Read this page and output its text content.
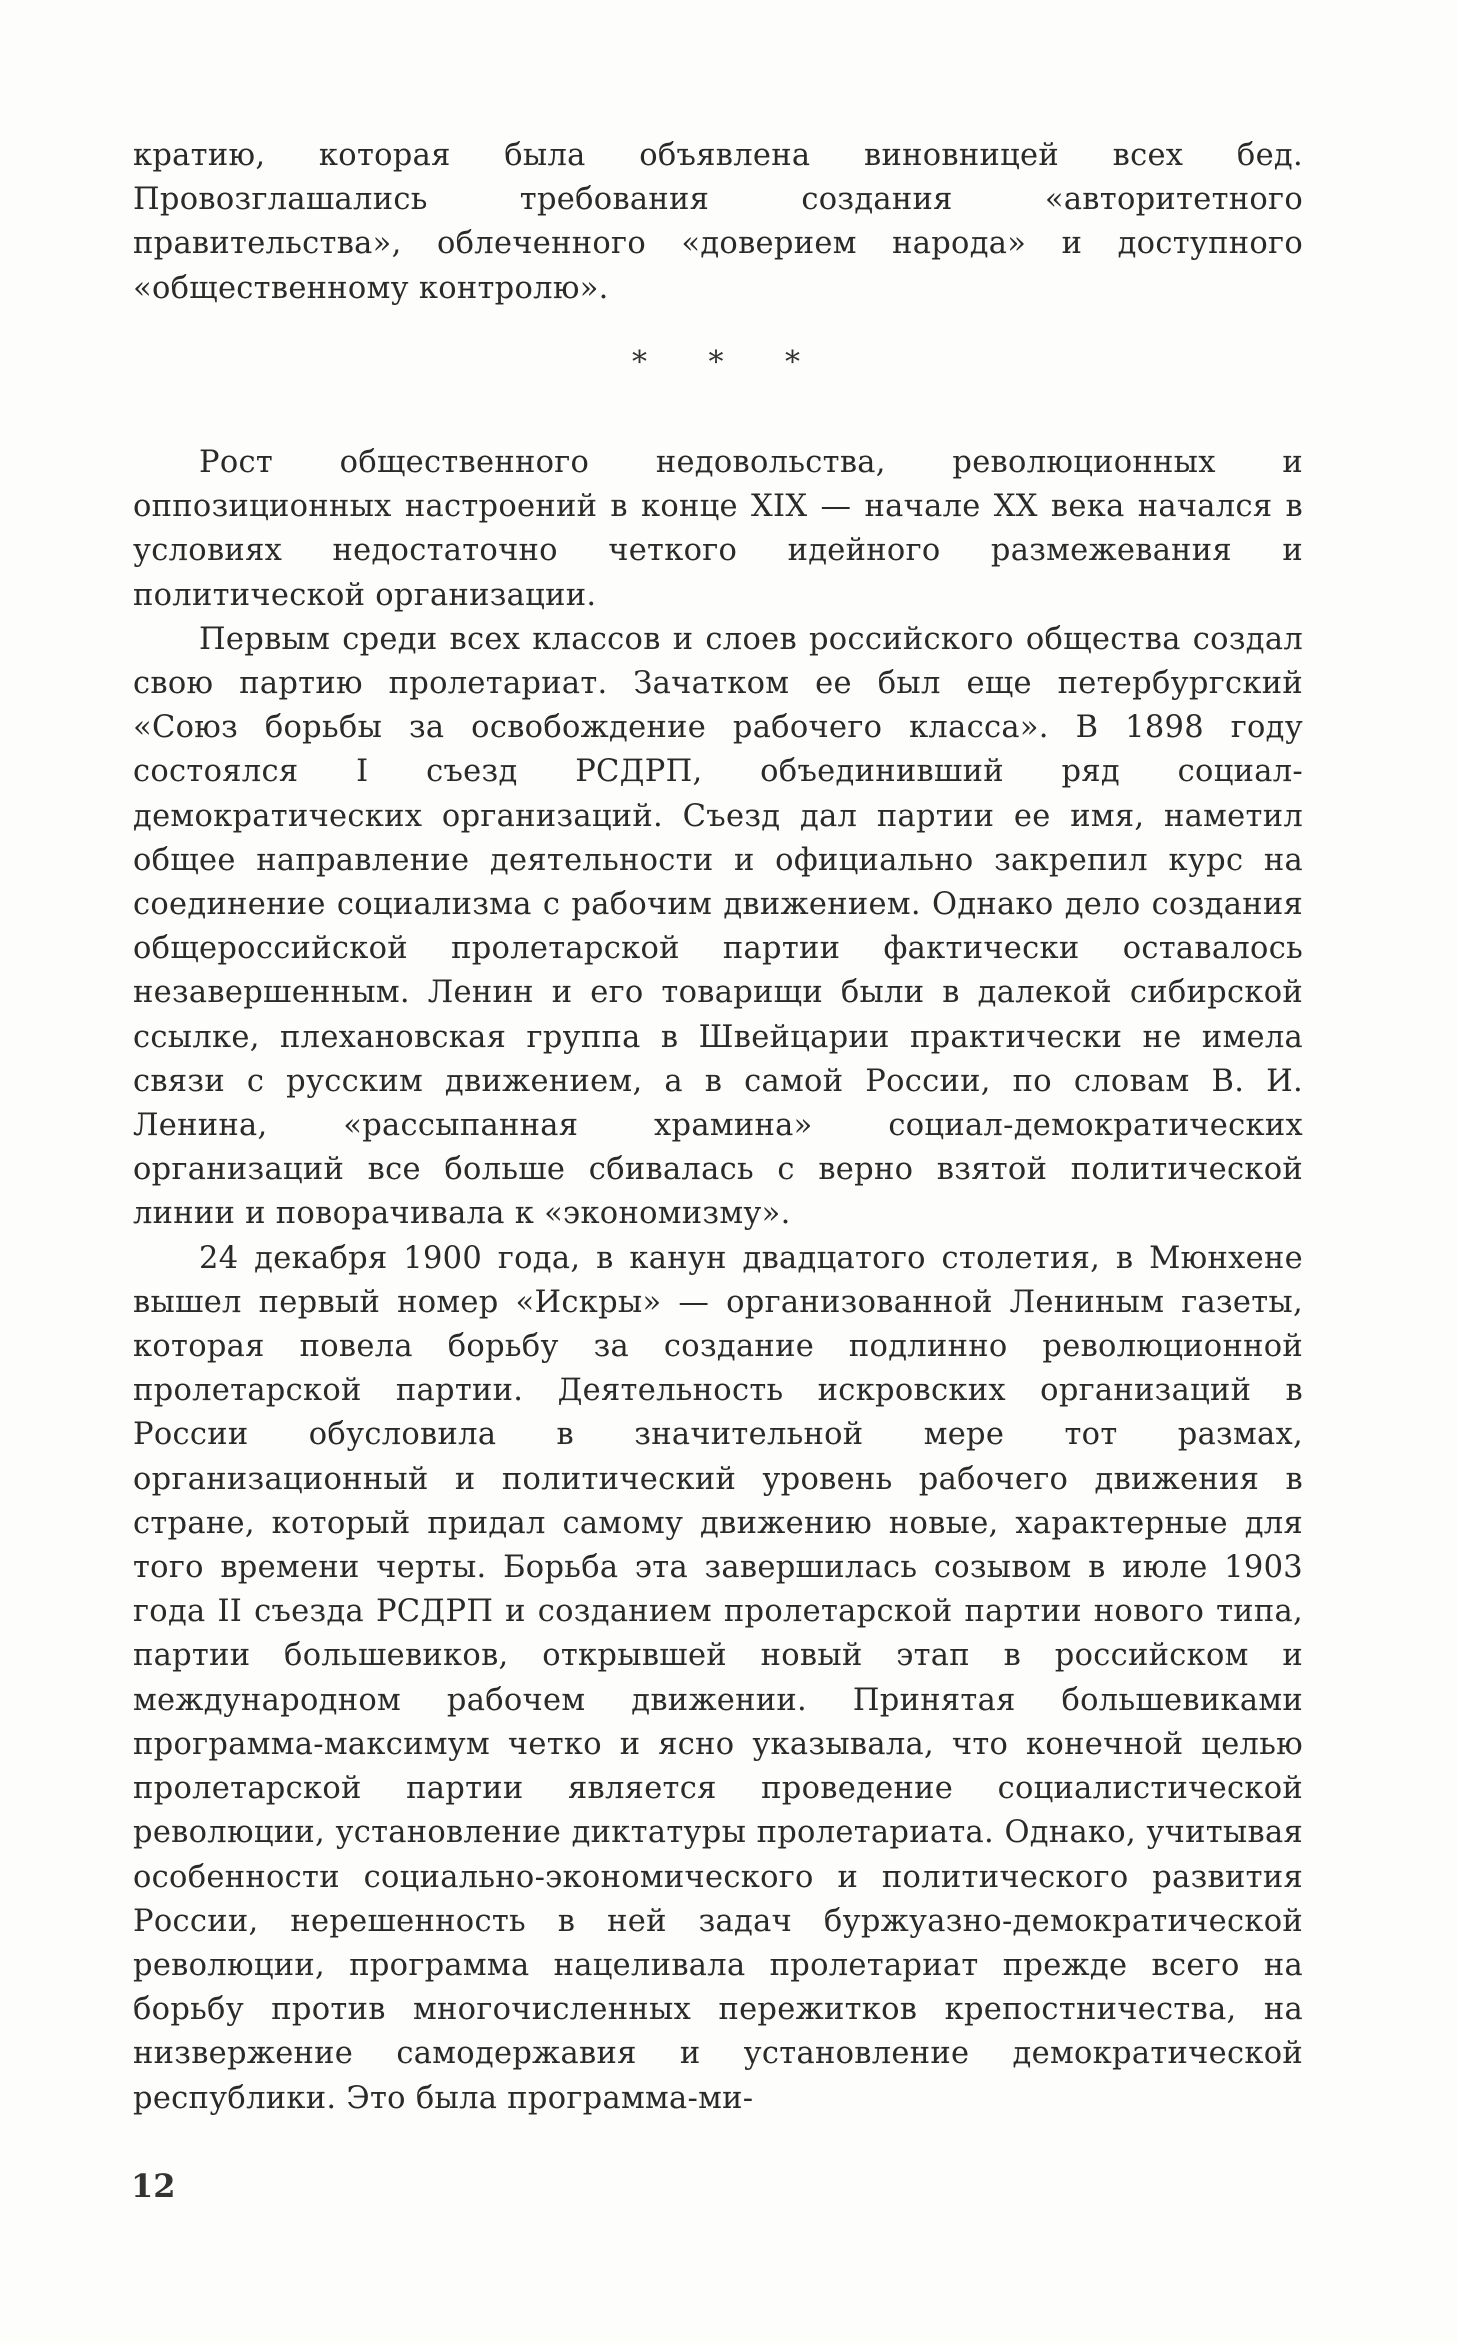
кратию, которая была объявлена виновницей всех бед. Провозглашались требования создания «авторитетного правительства», облеченного «доверием народа» и доступного «общественному контролю».

* * *

Рост общественного недовольства, революционных и оппозиционных настроений в конце XIX — начале XX века начался в условиях недостаточно четкого идейного размежевания и политической организации.

Первым среди всех классов и слоев российского общества создал свою партию пролетариат. Зачатком ее был еще петербургский «Союз борьбы за освобождение рабочего класса». В 1898 году состоялся I съезд РСДРП, объединивший ряд социал-демократических организаций. Съезд дал партии ее имя, наметил общее направление деятельности и официально закрепил курс на соединение социализма с рабочим движением. Однако дело создания общероссийской пролетарской партии фактически оставалось незавершенным. Ленин и его товарищи были в далекой сибирской ссылке, плехановская группа в Швейцарии практически не имела связи с русским движением, а в самой России, по словам В. И. Ленина, «рассыпанная храмина» социал-демократических организаций все больше сбивалась с верно взятой политической линии и поворачивала к «экономизму».

24 декабря 1900 года, в канун двадцатого столетия, в Мюнхене вышел первый номер «Искры» — организованной Лениным газеты, которая повела борьбу за создание подлинно революционной пролетарской партии. Деятельность искровских организаций в России обусловила в значительной мере тот размах, организационный и политический уровень рабочего движения в стране, который придал самому движению новые, характерные для того времени черты. Борьба эта завершилась созывом в июле 1903 года II съезда РСДРП и созданием пролетарской партии нового типа, партии большевиков, открывшей новый этап в российском и международном рабочем движении. Принятая большевиками программа-максимум четко и ясно указывала, что конечной целью пролетарской партии является проведение социалистической революции, установление диктатуры пролетариата. Однако, учитывая особенности социально-экономического и политического развития России, нерешенность в ней задач буржуазно-демократической революции, программа нацеливала пролетариат прежде всего на борьбу против многочисленных пережитков крепостничества, на низвержение самодержавия и установление демократической республики. Это была программа-ми-

12
